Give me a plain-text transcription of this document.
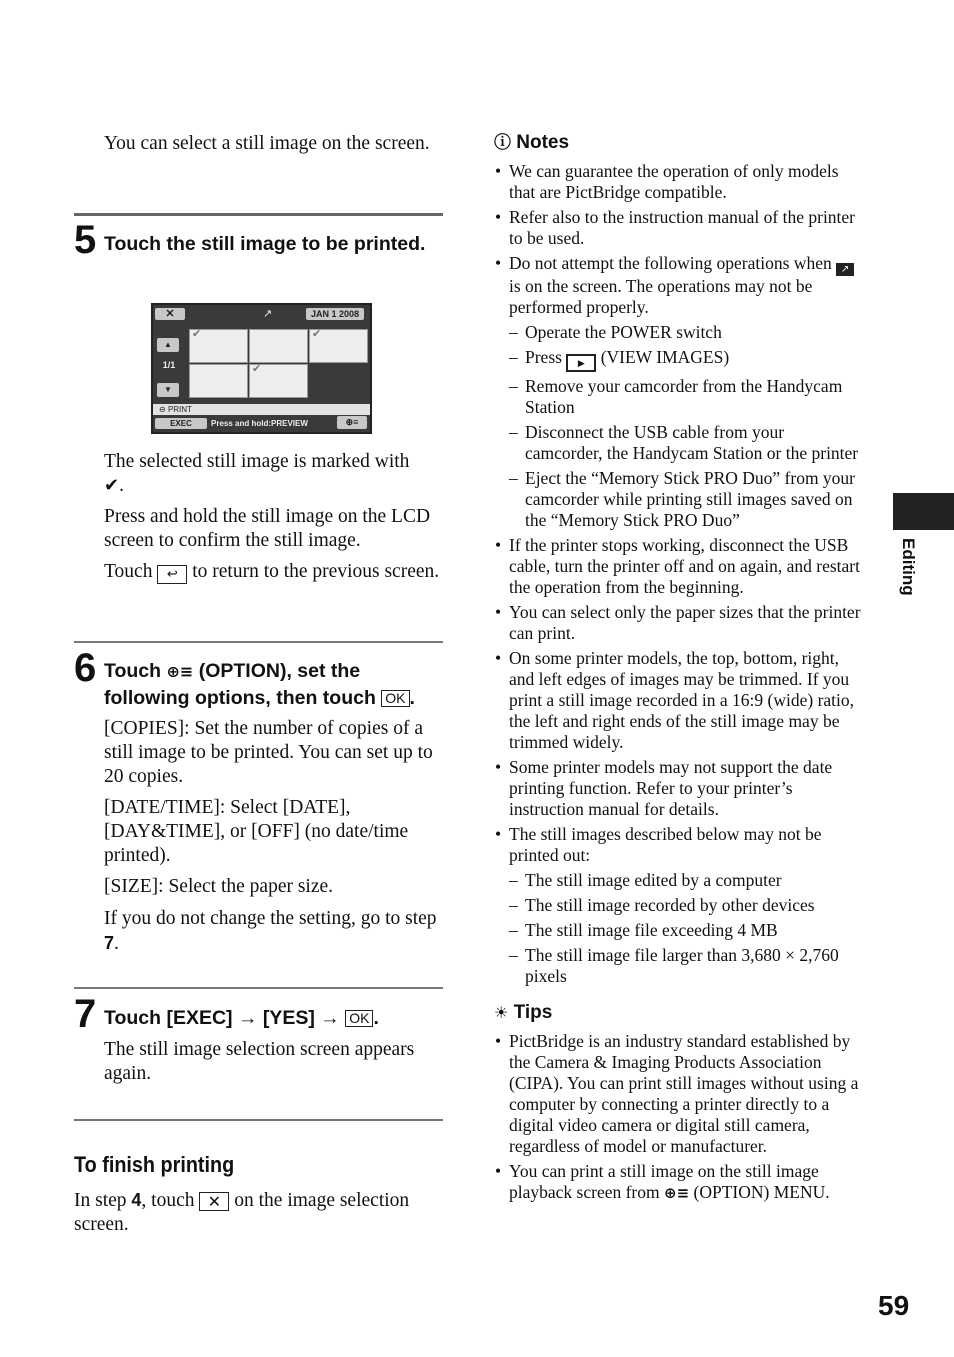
You can select a still image on the screen.
5 Touch the still image to be printed.
✕	↗	JAN 1 2008
▲
1/1
▼
✔	✔
✔
⊖ PRINT
EXEC	Press and hold:PREVIEW	⊕≡
The selected still image is marked with
✔.
Press and hold the still image on the LCD screen to confirm the still image.
Touch ↩ to return to the previous screen.
6 Touch ⊕≡ (OPTION), set the following options, then touch OK .
[COPIES]: Set the number of copies of a still image to be printed. You can set up to 20 copies.
[DATE/TIME]: Select [DATE], [DAY&TIME], or [OFF] (no date/time printed).
[SIZE]: Select the paper size.
If you do not change the setting, go to step 7.
7 Touch [EXEC] → [YES] → OK .
The still image selection screen appears again.
To finish printing
In step 4, touch ✕ on the image selection screen.
ⓘ Notes
• We can guarantee the operation of only models that are PictBridge compatible.
• Refer also to the instruction manual of the printer to be used.
• Do not attempt the following operations when ↗ is on the screen. The operations may not be performed properly.
– Operate the POWER switch
– Press ▶ (VIEW IMAGES)
– Remove your camcorder from the Handycam Station
– Disconnect the USB cable from your camcorder, the Handycam Station or the printer
– Eject the “Memory Stick PRO Duo” from your camcorder while printing still images saved on the “Memory Stick PRO Duo”
• If the printer stops working, disconnect the USB cable, turn the printer off and on again, and restart the operation from the beginning.
• You can select only the paper sizes that the printer can print.
• On some printer models, the top, bottom, right, and left edges of images may be trimmed. If you print a still image recorded in a 16:9 (wide) ratio, the left and right ends of the still image may be trimmed widely.
• Some printer models may not support the date printing function. Refer to your printer’s instruction manual for details.
• The still images described below may not be printed out:
– The still image edited by a computer
– The still image recorded by other devices
– The still image file exceeding 4 MB
– The still image file larger than 3,680 × 2,760 pixels
☀ Tips
• PictBridge is an industry standard established by the Camera & Imaging Products Association (CIPA). You can print still images without using a computer by connecting a printer directly to a digital video camera or digital still camera, regardless of model or manufacturer.
• You can print a still image on the still image playback screen from ⊕≡ (OPTION) MENU.
Editing
59
